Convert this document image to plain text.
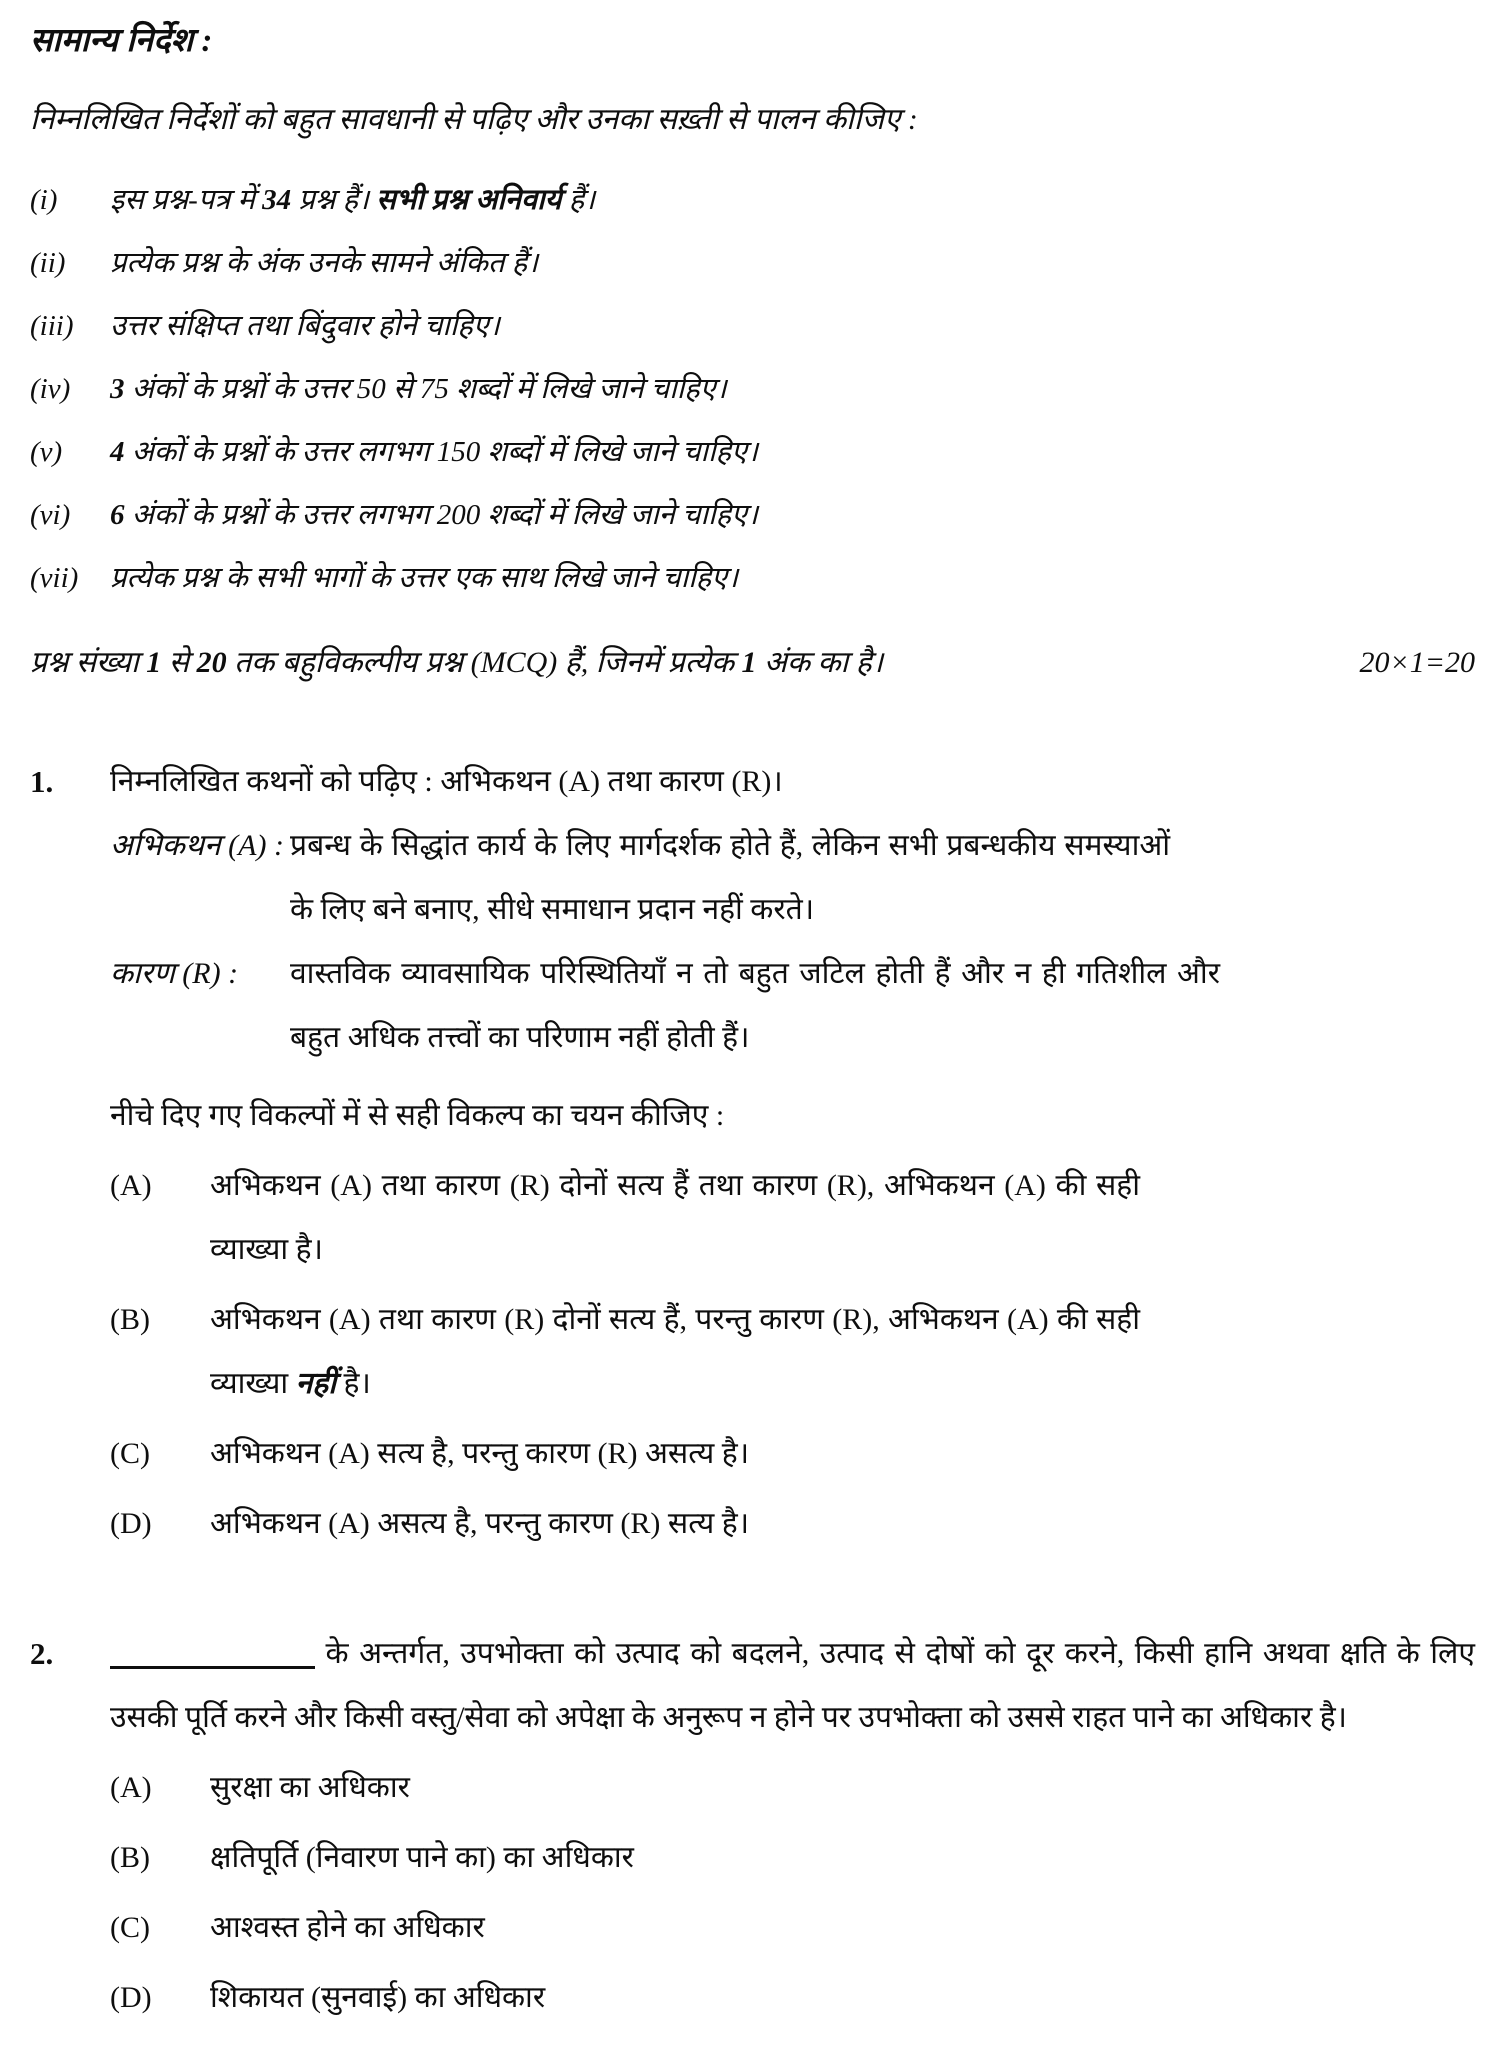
सामान्य निर्देश :

निम्नलिखित निर्देशों को बहुत सावधानी से पढ़िए और उनका सख़्ती से पालन कीजिए :

(i)	इस प्रश्न-पत्र में 34 प्रश्न हैं। सभी प्रश्न अनिवार्य हैं।
(ii)	प्रत्येक प्रश्न के अंक उनके सामने अंकित हैं।
(iii)	उत्तर संक्षिप्त तथा बिंदुवार होने चाहिए।
(iv)	3 अंकों के प्रश्नों के उत्तर 50 से 75 शब्दों में लिखे जाने चाहिए।
(v)	4 अंकों के प्रश्नों के उत्तर लगभग 150 शब्दों में लिखे जाने चाहिए।
(vi)	6 अंकों के प्रश्नों के उत्तर लगभग 200 शब्दों में लिखे जाने चाहिए।
(vii)	प्रत्येक प्रश्न के सभी भागों के उत्तर एक साथ लिखे जाने चाहिए।
प्रश्न संख्या 1 से 20 तक बहुविकल्पीय प्रश्न (MCQ) हैं, जिनमें प्रत्येक 1 अंक का है।	20×1=20
1.	निम्नलिखित कथनों को पढ़िए : अभिकथन (A) तथा कारण (R)।

अभिकथन (A) : प्रबन्ध के सिद्धांत कार्य के लिए मार्गदर्शक होते हैं, लेकिन सभी प्रबन्धकीय समस्याओं के लिए बने बनाए, सीधे समाधान प्रदान नहीं करते।

कारण (R) :	वास्तविक व्यावसायिक परिस्थितियाँ न तो बहुत जटिल होती हैं और न ही गतिशील और बहुत अधिक तत्त्वों का परिणाम नहीं होती हैं।

नीचे दिए गए विकल्पों में से सही विकल्प का चयन कीजिए :

(A)	अभिकथन (A) तथा कारण (R) दोनों सत्य हैं तथा कारण (R), अभिकथन (A) की सही व्याख्या है।

(B)	अभिकथन (A) तथा कारण (R) दोनों सत्य हैं, परन्तु कारण (R), अभिकथन (A) की सही व्याख्या नहीं है।

(C)	अभिकथन (A) सत्य है, परन्तु कारण (R) असत्य है।

(D)	अभिकथन (A) असत्य है, परन्तु कारण (R) सत्य है।

2.	के अन्तर्गत, उपभोक्ता को उत्पाद को बदलने, उत्पाद से दोषों को दूर करने, किसी हानि अथवा क्षति के लिए उसकी पूर्ति करने और किसी वस्तु/सेवा को अपेक्षा के अनुरूप न होने पर उपभोक्ता को उससे राहत पाने का अधिकार है।

(A)	सुरक्षा का अधिकार

(B)	क्षतिपूर्ति (निवारण पाने का) का अधिकार

(C)	आश्वस्त होने का अधिकार

(D)	शिकायत (सुनवाई) का अधिकार
